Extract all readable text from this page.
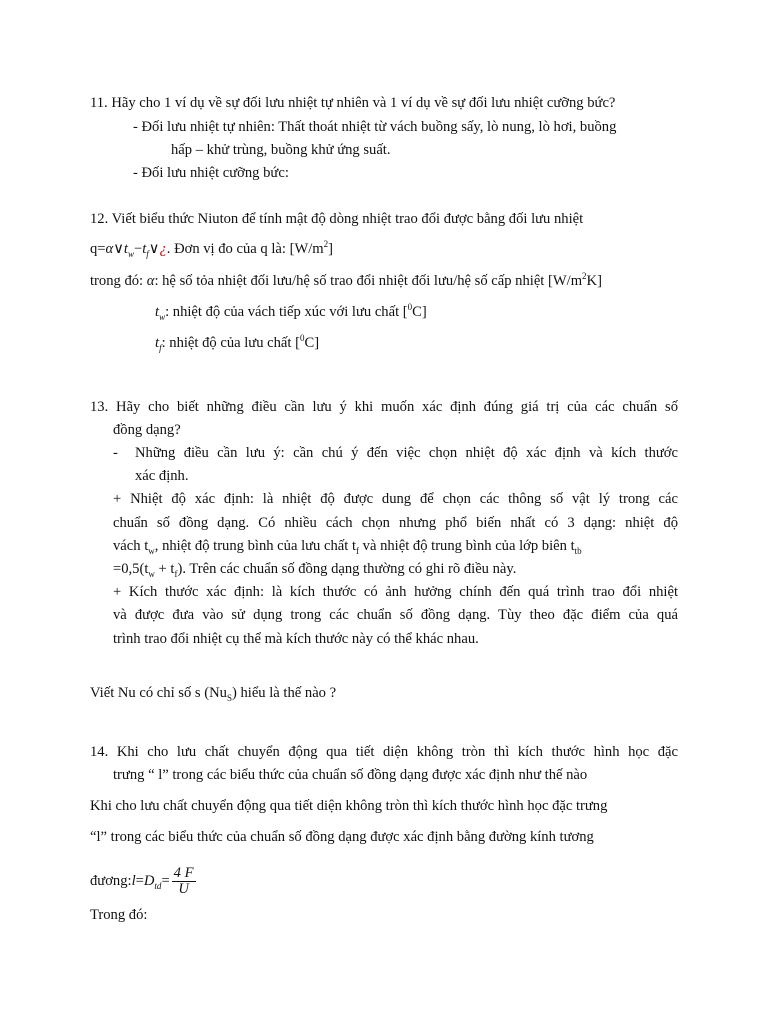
11. Hãy cho 1 ví dụ về sự đối lưu nhiệt tự nhiên và 1 ví dụ về sự đối lưu nhiệt cưỡng bức?
- Đối lưu nhiệt tự nhiên: Thất thoát nhiệt từ vách buồng sấy, lò nung, lò hơi, buồng
hấp – khử trùng, buồng khử ứng suất.
- Đối lưu nhiệt cưỡng bức:
12. Viết biểu thức Niuton để tính mật độ dòng nhiệt trao đổi được bằng đối lưu nhiệt
$q=\alpha\vee t_w-t_f\vee¿$. Đơn vị đo của q là: $[W/m^2]$
trong đó: α: hệ số tỏa nhiệt đối lưu/hệ số trao đổi nhiệt đối lưu/hệ số cấp nhiệt $[W/m^2K]$
$t_w$: nhiệt độ của vách tiếp xúc với lưu chất [$^0$C]
$t_f$: nhiệt độ của lưu chất [$^0$C]
13. Hãy cho biết những điều cần lưu ý khi muốn xác định đúng giá trị của các chuẩn số
đồng dạng?
- Những điều cần lưu ý: cần chú ý đến việc chọn nhiệt độ xác định và kích thước
xác định.
+ Nhiệt độ xác định: là nhiệt độ được dung để chọn các thông số vật lý trong các
chuẩn số đồng dạng. Có nhiều cách chọn nhưng phổ biến nhất có 3 dạng: nhiệt độ
vách $t_w$, nhiệt độ trung bình của lưu chất $t_f$ và nhiệt độ trung bình của lớp biên $t_{tb}$
$=0,5(t_w + t_f)$. Trên các chuẩn số đồng dạng thường có ghi rõ điều này.
+ Kích thước xác định: là kích thước có ảnh hưởng chính đến quá trình trao đổi nhiệt
và được đưa vào sử dụng trong các chuẩn số đồng dạng. Tùy theo đặc điểm của quá
trình trao đổi nhiệt cụ thể mà kích thước này có thể khác nhau.
Viết Nu có chỉ số s $(Nu_S)$ hiểu là thế nào ?
14. Khi cho lưu chất chuyển động qua tiết diện không tròn thì kích thước hình học đặc
trưng “ l” trong các biểu thức của chuẩn số đồng dạng được xác định như thế nào
Khi cho lưu chất chuyển động qua tiết diện không tròn thì kích thước hình học đặc trưng
“l” trong các biểu thức của chuẩn số đồng dạng được xác định bằng đường kính tương
$đương:l=D_{td}= \frac{4 F}{U}$
Trong đó:
